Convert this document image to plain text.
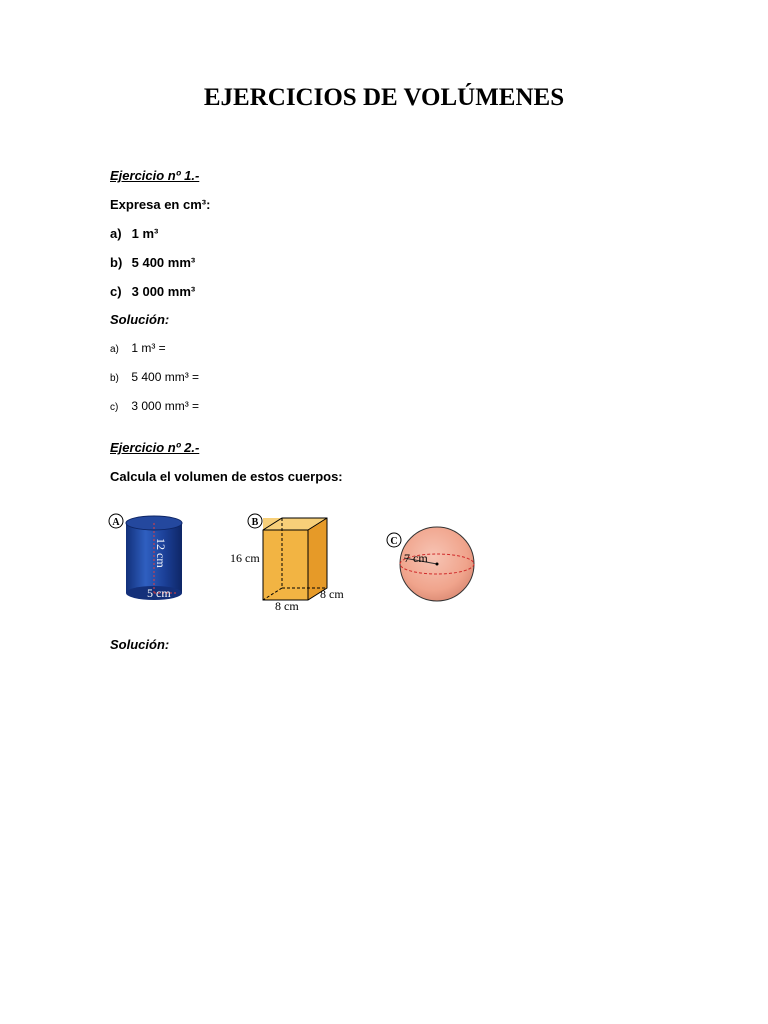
EJERCICIOS DE VOLÚMENES
Ejercicio nº 1.-
Expresa en cm³:
a) 1 m³
b) 5 400 mm³
c) 3 000 mm³
Solución:
a) 1 m³ =
b) 5 400 mm³ =
c) 3 000 mm³ =
Ejercicio nº 2.-
Calcula el volumen de estos cuerpos:
A
12 cm
5 cm
B
16 cm
8 cm
8 cm
C
7 cm
Solución:
